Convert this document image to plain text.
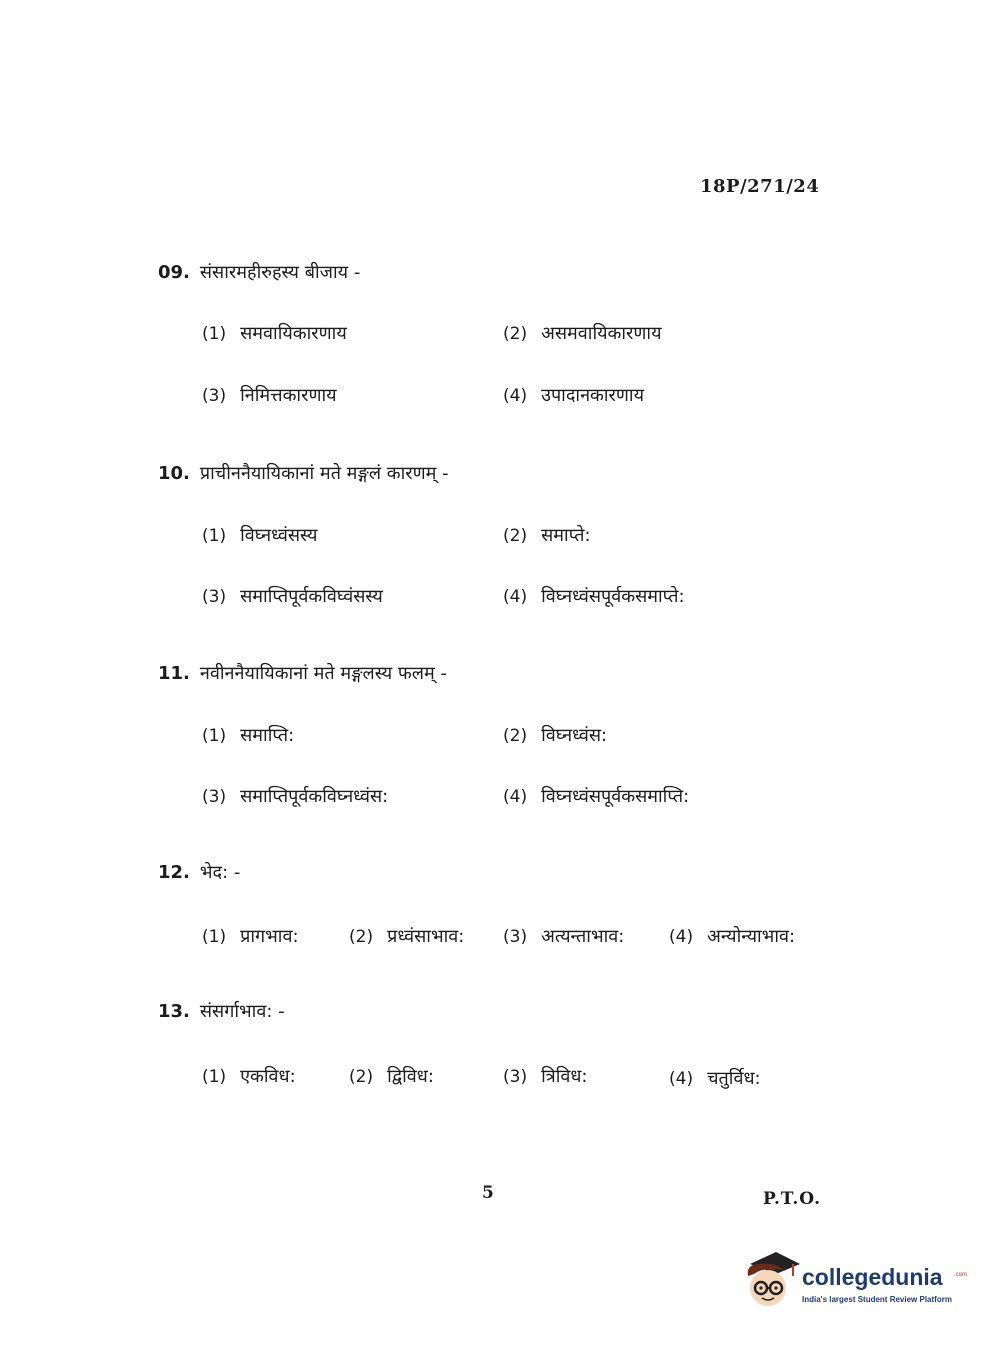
18P/271/24
09. संसारमहीरुहस्य बीजाय -
(1) समवायिकारणाय	(2) असमवायिकारणाय
(3) निमित्तकारणाय	(4) उपादानकारणाय
10. प्राचीननैयायिकानां मते मङ्गलं कारणम् -
(1) विघ्नध्वंसस्य	(2) समाप्ते:
(3) समाप्तिपूर्वकविघ्वंसस्य	(4) विघ्नध्वंसपूर्वकसमाप्ते:
11. नवीननैयायिकानां मते मङ्गलस्य फलम् -
(1) समाप्ति:	(2) विघ्नध्वंस:
(3) समाप्तिपूर्वकविघ्नध्वंस:	(4) विघ्नध्वंसपूर्वकसमाप्ति:
12. भेद: -
(1) प्रागभाव:	(2) प्रध्वंसाभाव: (3) अत्यन्ताभाव:	(4) अन्योन्याभाव:
13. संसर्गाभाव: -
(1) एकविध:	(2) द्विविध:	(3) त्रिविध:	(4) चतुर्विध:
5	P.T.O.
collegedunia .com
India's largest Student Review Platform
